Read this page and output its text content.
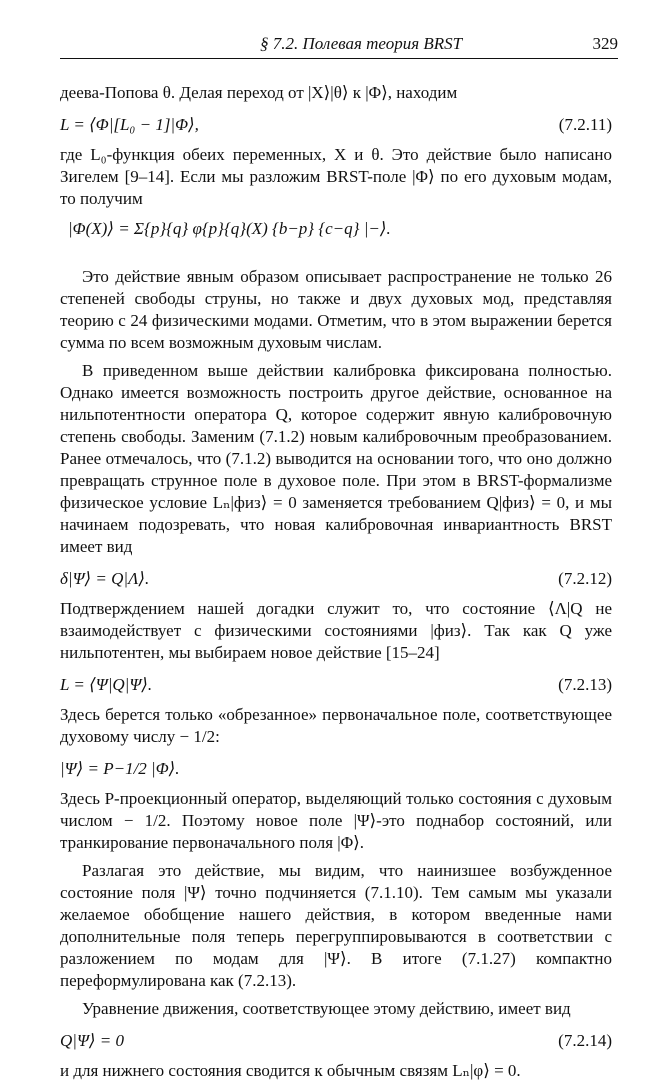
§ 7.2. Полевая теория BRST	329

деева-Попова θ. Делая переход от |X⟩|θ⟩ к |Φ⟩, находим

L = ⟨Φ|[L₀ − 1]|Φ⟩,	(7.2.11)

где L₀-функция обеих переменных, X и θ. Это действие было написано Зигелем [9–14]. Если мы разложим BRST-поле |Φ⟩ по его духовым модам, то получим

|Φ(X)⟩ = Σ{p}{q} φ{p}{q}(X) {b−p} {c−q} |−⟩.

Это действие явным образом описывает распространение не только 26 степеней свободы струны, но также и двух духовых мод, представляя теорию с 24 физическими модами. Отметим, что в этом выражении берется сумма по всем возможным духовым числам.

В приведенном выше действии калибровка фиксирована полностью. Однако имеется возможность построить другое действие, основанное на нильпотентности оператора Q, которое содержит явную калибровочную степень свободы. Заменим (7.1.2) новым калибровочным преобразованием. Ранее отмечалось, что (7.1.2) выводится на основании того, что оно должно превращать струнное поле в духовое поле. При этом в BRST-формализме физическое условие Lₙ|физ⟩ = 0 заменяется требованием Q|физ⟩ = 0, и мы начинаем подозревать, что новая калибровочная инвариантность BRST имеет вид

δ|Ψ⟩ = Q|Λ⟩.	(7.2.12)

Подтверждением нашей догадки служит то, что состояние ⟨Λ|Q не взаимодействует с физическими состояниями |физ⟩. Так как Q уже нильпотентен, мы выбираем новое действие [15–24]

L = ⟨Ψ|Q|Ψ⟩.	(7.2.13)

Здесь берется только «обрезанное» первоначальное поле, соответствующее духовому числу − 1/2:

|Ψ⟩ = P−1/2 |Φ⟩.

Здесь P-проекционный оператор, выделяющий только состояния с духовым числом − 1/2. Поэтому новое поле |Ψ⟩-это поднабор состояний, или транкирование первоначального поля |Φ⟩.

Разлагая это действие, мы видим, что наинизшее возбужденное состояние поля |Ψ⟩ точно подчиняется (7.1.10). Тем самым мы указали желаемое обобщение нашего действия, в котором введенные нами дополнительные поля теперь перегруппировываются в соответствии с разложением по модам для |Ψ⟩. В итоге (7.1.27) компактно переформулирована как (7.2.13).

Уравнение движения, соответствующее этому действию, имеет вид

Q|Ψ⟩ = 0	(7.2.14)

и для нижнего состояния сводится к обычным связям Lₙ|φ⟩ = 0.
